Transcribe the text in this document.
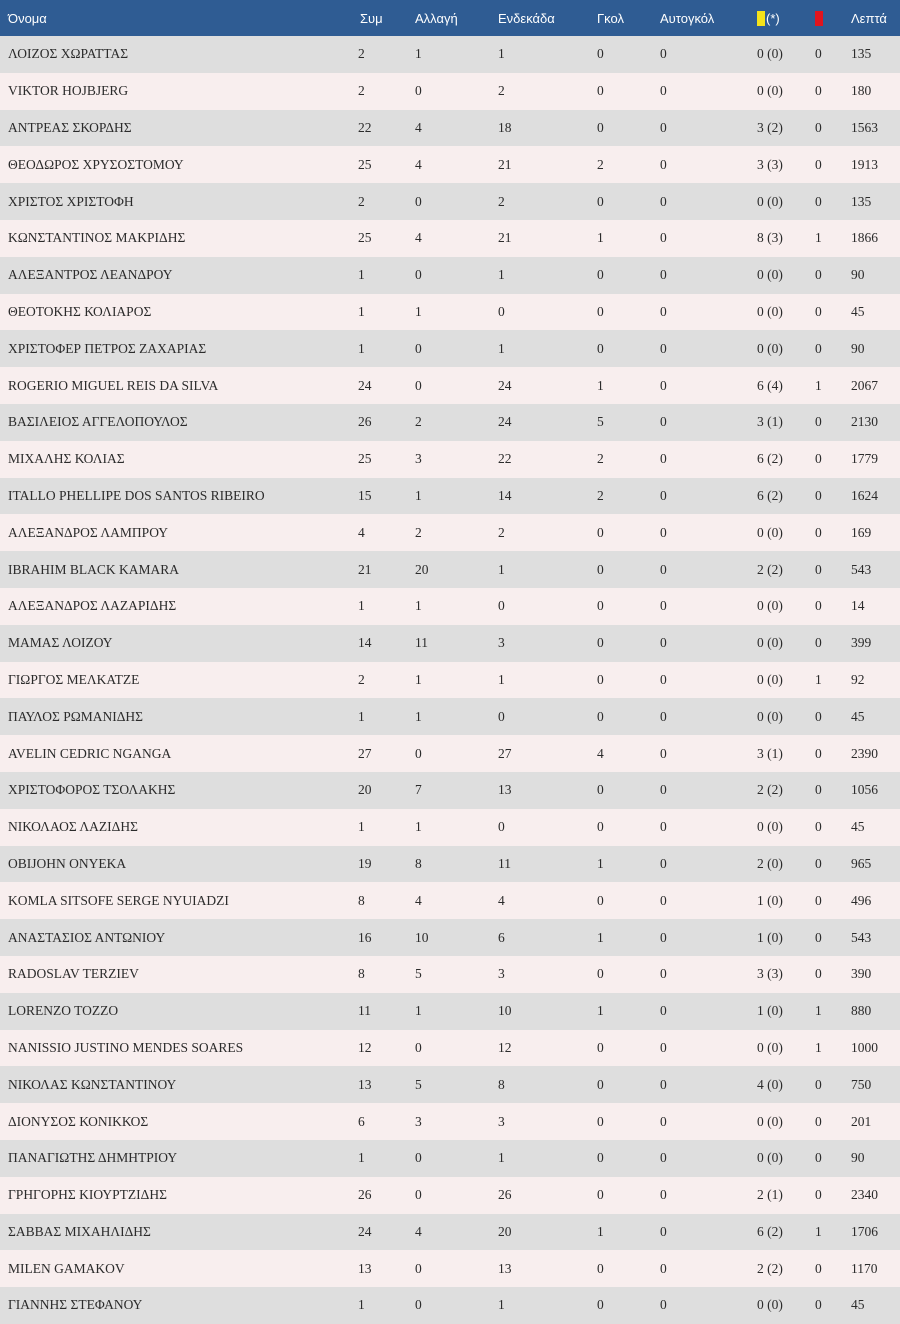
Όνομα	Συμ	Αλλαγή	Ενδεκάδα	Γκολ	Αυτογκόλ	(*)		Λεπτά
ΛΟΙΖΟΣ ΧΩΡΑΤΤΑΣ	2	1	1	0	0	0 (0)	0	135
VIKTOR HOJBJERG	2	0	2	0	0	0 (0)	0	180
ΑΝΤΡΕΑΣ ΣΚΟΡΔΗΣ	22	4	18	0	0	3 (2)	0	1563
ΘΕΟΔΩΡΟΣ ΧΡΥΣΟΣΤΟΜΟΥ	25	4	21	2	0	3 (3)	0	1913
ΧΡΙΣΤΟΣ ΧΡΙΣΤΟΦΗ	2	0	2	0	0	0 (0)	0	135
ΚΩΝΣΤΑΝΤΙΝΟΣ ΜΑΚΡΙΔΗΣ	25	4	21	1	0	8 (3)	1	1866
ΑΛΕΞΑΝΤΡΟΣ ΛΕΑΝΔΡΟΥ	1	0	1	0	0	0 (0)	0	90
ΘΕΟΤΟΚΗΣ ΚΟΛΙΑΡΟΣ	1	1	0	0	0	0 (0)	0	45
ΧΡΙΣΤΟΦΕΡ ΠΕΤΡΟΣ ΖΑΧΑΡΙΑΣ	1	0	1	0	0	0 (0)	0	90
ROGERIO MIGUEL REIS DA SILVA	24	0	24	1	0	6 (4)	1	2067
ΒΑΣΙΛΕΙΟΣ ΑΓΓΕΛΟΠΟΥΛΟΣ	26	2	24	5	0	3 (1)	0	2130
ΜΙΧΑΛΗΣ ΚΟΛΙΑΣ	25	3	22	2	0	6 (2)	0	1779
ITALLO PHELLIPE DOS SANTOS RIBEIRO	15	1	14	2	0	6 (2)	0	1624
ΑΛΕΞΑΝΔΡΟΣ ΛΑΜΠΡΟΥ	4	2	2	0	0	0 (0)	0	169
IBRAHIM BLACK KAMARA	21	20	1	0	0	2 (2)	0	543
ΑΛΕΞΑΝΔΡΟΣ ΛΑΖΑΡΙΔΗΣ	1	1	0	0	0	0 (0)	0	14
ΜΑΜΑΣ ΛΟΙΖΟΥ	14	11	3	0	0	0 (0)	0	399
ΓΙΩΡΓΟΣ ΜΕΛΚΑΤΖΕ	2	1	1	0	0	0 (0)	1	92
ΠΑΥΛΟΣ ΡΩΜΑΝΙΔΗΣ	1	1	0	0	0	0 (0)	0	45
AVELIN CEDRIC NGANGA	27	0	27	4	0	3 (1)	0	2390
ΧΡΙΣΤΟΦΟΡΟΣ ΤΣΟΛΑΚΗΣ	20	7	13	0	0	2 (2)	0	1056
ΝΙΚΟΛΑΟΣ ΛΑΖΙΔΗΣ	1	1	0	0	0	0 (0)	0	45
OBIJOHN ΟΝΥΕΚΑ	19	8	11	1	0	2 (0)	0	965
KOMLA SITSOFE SERGE NYUIADZI	8	4	4	0	0	1 (0)	0	496
ΑΝΑΣΤΑΣΙΟΣ ΑΝΤΩΝΙΟΥ	16	10	6	1	0	1 (0)	0	543
RADOSLAV TERZIEV	8	5	3	0	0	3 (3)	0	390
LORENZO TOZZO	11	1	10	1	0	1 (0)	1	880
NANISSIO JUSTINO MENDES SOARES	12	0	12	0	0	0 (0)	1	1000
ΝΙΚΟΛΑΣ ΚΩΝΣΤΑΝΤΙΝΟΥ	13	5	8	0	0	4 (0)	0	750
ΔΙΟΝΥΣΟΣ ΚΟΝΙΚΚΟΣ	6	3	3	0	0	0 (0)	0	201
ΠΑΝΑΓΙΩΤΗΣ ΔΗΜΗΤΡΙΟΥ	1	0	1	0	0	0 (0)	0	90
ΓΡΗΓΟΡΗΣ ΚΙΟΥΡΤΖΙΔΗΣ	26	0	26	0	0	2 (1)	0	2340
ΣΑΒΒΑΣ ΜΙΧΑΗΛΙΔΗΣ	24	4	20	1	0	6 (2)	1	1706
MILEN GAMAKOV	13	0	13	0	0	2 (2)	0	1170
ΓΙΑΝΝΗΣ ΣΤΕΦΑΝΟΥ	1	0	1	0	0	0 (0)	0	45
